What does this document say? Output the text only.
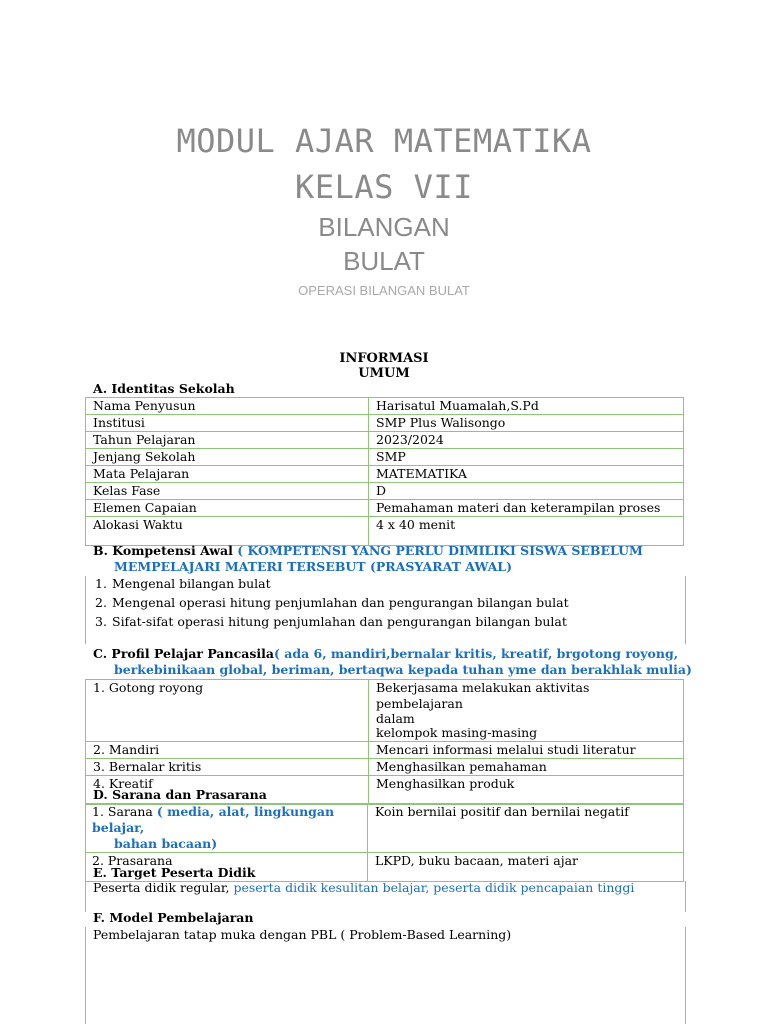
MODUL AJAR MATEMATIKA
KELAS VII
BILANGAN
BULAT
OPERASI BILANGAN BULAT
INFORMASI
UMUM
A. Identitas Sekolah
Nama Penyusun	Harisatul Muamalah,S.Pd
Institusi	SMP Plus Walisongo
Tahun Pelajaran	2023/2024
Jenjang Sekolah	SMP
Mata Pelajaran	MATEMATIKA
Kelas Fase	D
Elemen Capaian	Pemahaman materi dan keterampilan proses
Alokasi Waktu	4 x 40 menit
B. Kompetensi Awal ( KOMPETENSI YANG PERLU DIMILIKI SISWA SEBELUM
MEMPELAJARI MATERI TERSEBUT (PRASYARAT AWAL)
1. Mengenal bilangan bulat
2. Mengenal operasi hitung penjumlahan dan pengurangan bilangan bulat
3. Sifat-sifat operasi hitung penjumlahan dan pengurangan bilangan bulat
C. Profil Pelajar Pancasila( ada 6, mandiri,bernalar kritis, kreatif, brgotong royong,
berkebinikaan global, beriman, bertaqwa kepada tuhan yme dan berakhlak mulia)
1. Gotong royong	Bekerjasama melakukan aktivitas pembelajaran
dalam
kelompok masing-masing

2. Mandiri	Mencari informasi melalui studi literatur
3. Bernalar kritis	Menghasilkan pemahaman
4. Kreatif	Menghasilkan produk
D. Sarana dan Prasarana
1. Sarana ( media, alat, lingkungan belajar,
bahan bacaan)	Koin bernilai positif dan bernilai negatif
2. Prasarana	LKPD, buku bacaan, materi ajar
E. Target Peserta Didik
Peserta didik regular, peserta didik kesulitan belajar, peserta didik pencapaian tinggi
F. Model Pembelajaran
Pembelajaran tatap muka dengan PBL ( Problem-Based Learning)
